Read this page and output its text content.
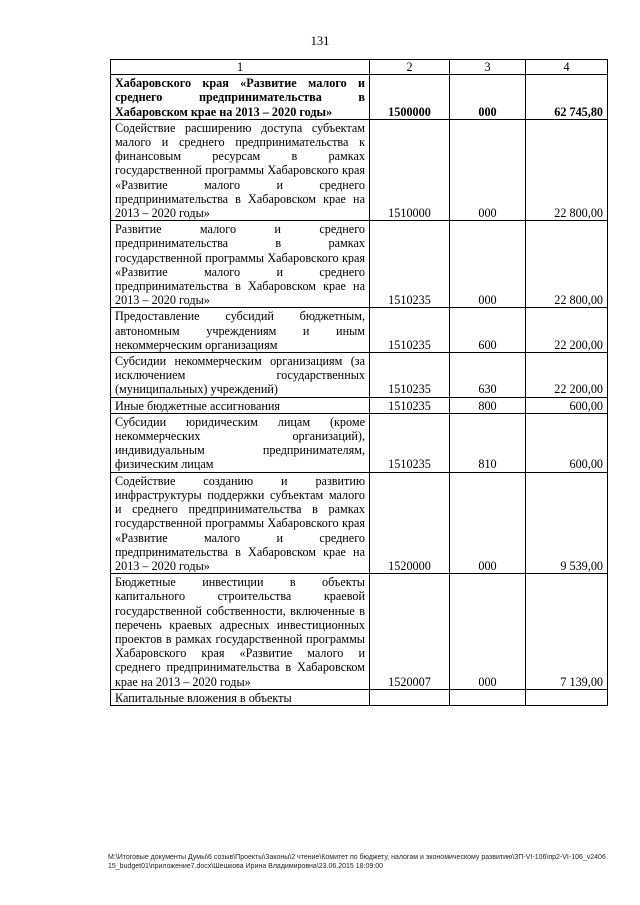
131
1	2	3	4
Хабаровского края «Развитие малого и среднего предпринимательства в Хабаровском крае на 2013 – 2020 годы»	1500000	000	62 745,80
Содействие расширению доступа субъектам малого и среднего предпринимательства к финансовым ресурсам в рамках государственной программы Хабаровского края «Развитие малого и среднего предпринимательства в Хабаровском крае на 2013 – 2020 годы»	1510000	000	22 800,00
Развитие малого и среднего предпринимательства в рамках государственной программы Хабаровского края «Развитие малого и среднего предпринимательства в Хабаровском крае на 2013 – 2020 годы»	1510235	000	22 800,00
Предоставление субсидий бюджетным, автономным учреждениям и иным некоммерческим организациям	1510235	600	22 200,00
Субсидии некоммерческим организациям (за исключением государственных (муниципальных) учреждений)	1510235	630	22 200,00
Иные бюджетные ассигнования	1510235	800	600,00
Субсидии юридическим лицам (кроме некоммерческих организаций), индивидуальным предпринимателям, физическим лицам	1510235	810	600,00
Содействие созданию и развитию инфраструктуры поддержки субъектам малого и среднего предпринимательства в рамках государственной программы Хабаровского края «Развитие малого и среднего предпринимательства в Хабаровском крае на 2013 – 2020 годы»	1520000	000	9 539,00
Бюджетные инвестиции в объекты капитального строительства краевой государственной собственности, включенные в перечень краевых адресных инвестиционных проектов в рамках государственной программы Хабаровского края «Развитие малого и среднего предпринимательства в Хабаровском крае на 2013 – 2020 годы»	1520007	000	7 139,00
Капитальные вложения в объекты			
М:\Итоговые документы Думы\6 созыв\Проекты\Законы\2 чтение\Комитет по бюджету, налогам и экономическому развитию\ЗП-VI-106\пр2-VI-106_v240615_budget01\приложение7.docx\Шешкова Ирина Владимировна\23.06.2015 18:09:00
